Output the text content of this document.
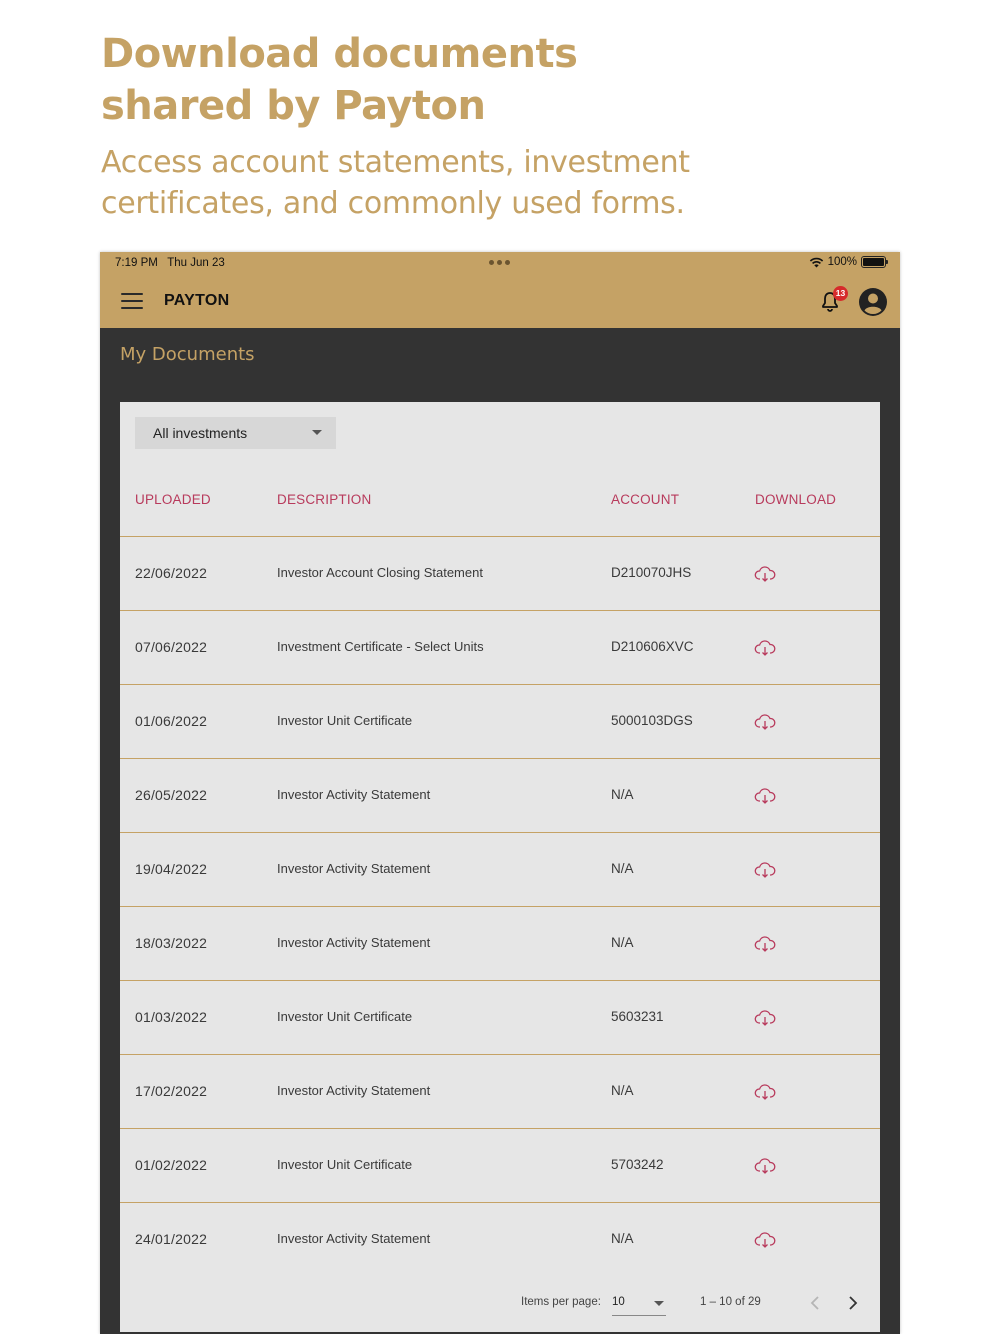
Download documents shared by Payton
Access account statements, investment certificates, and commonly used forms.
7:19 PM   Thu Jun 23	100%
PAYTON	13
My Documents
All investments
UPLOADED	DESCRIPTION	ACCOUNT	DOWNLOAD
22/06/2022	Investor Account Closing Statement	D210070JHS
07/06/2022	Investment Certificate - Select Units	D210606XVC
01/06/2022	Investor Unit Certificate	5000103DGS
26/05/2022	Investor Activity Statement	N/A
19/04/2022	Investor Activity Statement	N/A
18/03/2022	Investor Activity Statement	N/A
01/03/2022	Investor Unit Certificate	5603231
17/02/2022	Investor Activity Statement	N/A
01/02/2022	Investor Unit Certificate	5703242
24/01/2022	Investor Activity Statement	N/A
Items per page: 10	1 – 10 of 29
